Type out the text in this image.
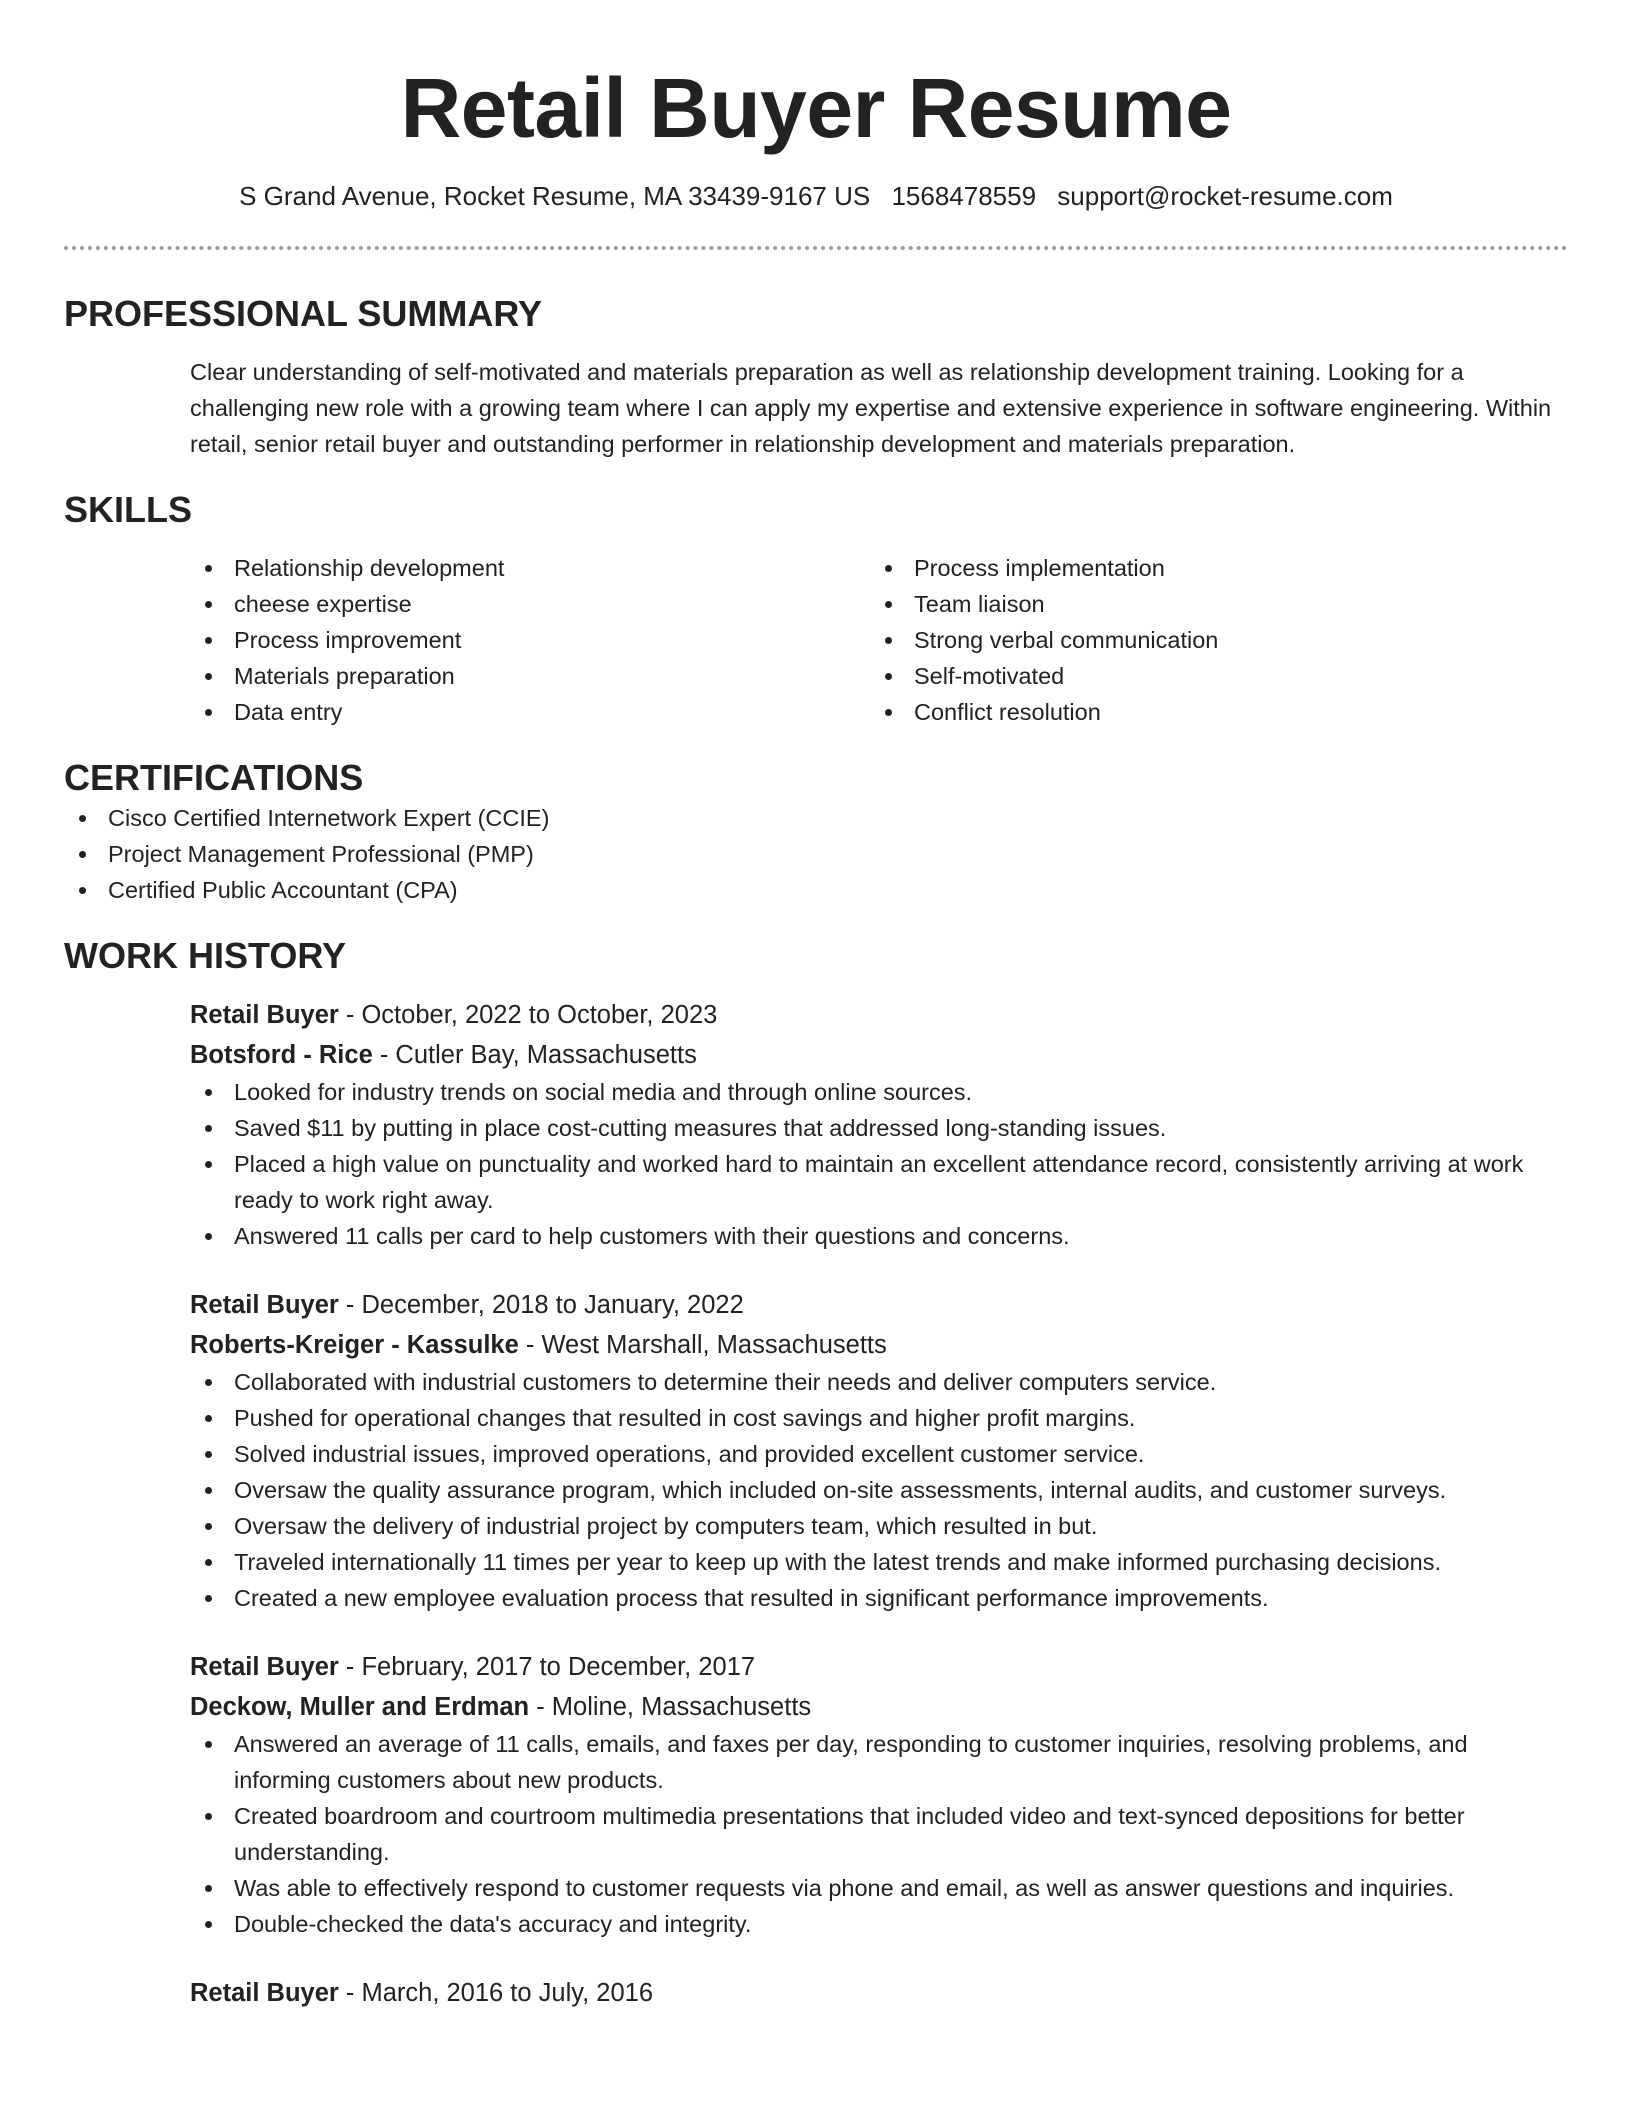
Retail Buyer Resume
S Grand Avenue, Rocket Resume, MA 33439-9167 US 1568478559 support@rocket-resume.com
PROFESSIONAL SUMMARY
Clear understanding of self-motivated and materials preparation as well as relationship development training. Looking for a challenging new role with a growing team where I can apply my expertise and extensive experience in software engineering. Within retail, senior retail buyer and outstanding performer in relationship development and materials preparation.
SKILLS
Relationship development
cheese expertise
Process improvement
Materials preparation
Data entry
Process implementation
Team liaison
Strong verbal communication
Self-motivated
Conflict resolution
CERTIFICATIONS
Cisco Certified Internetwork Expert (CCIE)
Project Management Professional (PMP)
Certified Public Accountant (CPA)
WORK HISTORY
Retail Buyer - October, 2022 to October, 2023
Botsford - Rice - Cutler Bay, Massachusetts
Looked for industry trends on social media and through online sources.
Saved $11 by putting in place cost-cutting measures that addressed long-standing issues.
Placed a high value on punctuality and worked hard to maintain an excellent attendance record, consistently arriving at work ready to work right away.
Answered 11 calls per card to help customers with their questions and concerns.
Retail Buyer - December, 2018 to January, 2022
Roberts-Kreiger - Kassulke - West Marshall, Massachusetts
Collaborated with industrial customers to determine their needs and deliver computers service.
Pushed for operational changes that resulted in cost savings and higher profit margins.
Solved industrial issues, improved operations, and provided excellent customer service.
Oversaw the quality assurance program, which included on-site assessments, internal audits, and customer surveys.
Oversaw the delivery of industrial project by computers team, which resulted in but.
Traveled internationally 11 times per year to keep up with the latest trends and make informed purchasing decisions.
Created a new employee evaluation process that resulted in significant performance improvements.
Retail Buyer - February, 2017 to December, 2017
Deckow, Muller and Erdman - Moline, Massachusetts
Answered an average of 11 calls, emails, and faxes per day, responding to customer inquiries, resolving problems, and informing customers about new products.
Created boardroom and courtroom multimedia presentations that included video and text-synced depositions for better understanding.
Was able to effectively respond to customer requests via phone and email, as well as answer questions and inquiries.
Double-checked the data's accuracy and integrity.
Retail Buyer - March, 2016 to July, 2016
